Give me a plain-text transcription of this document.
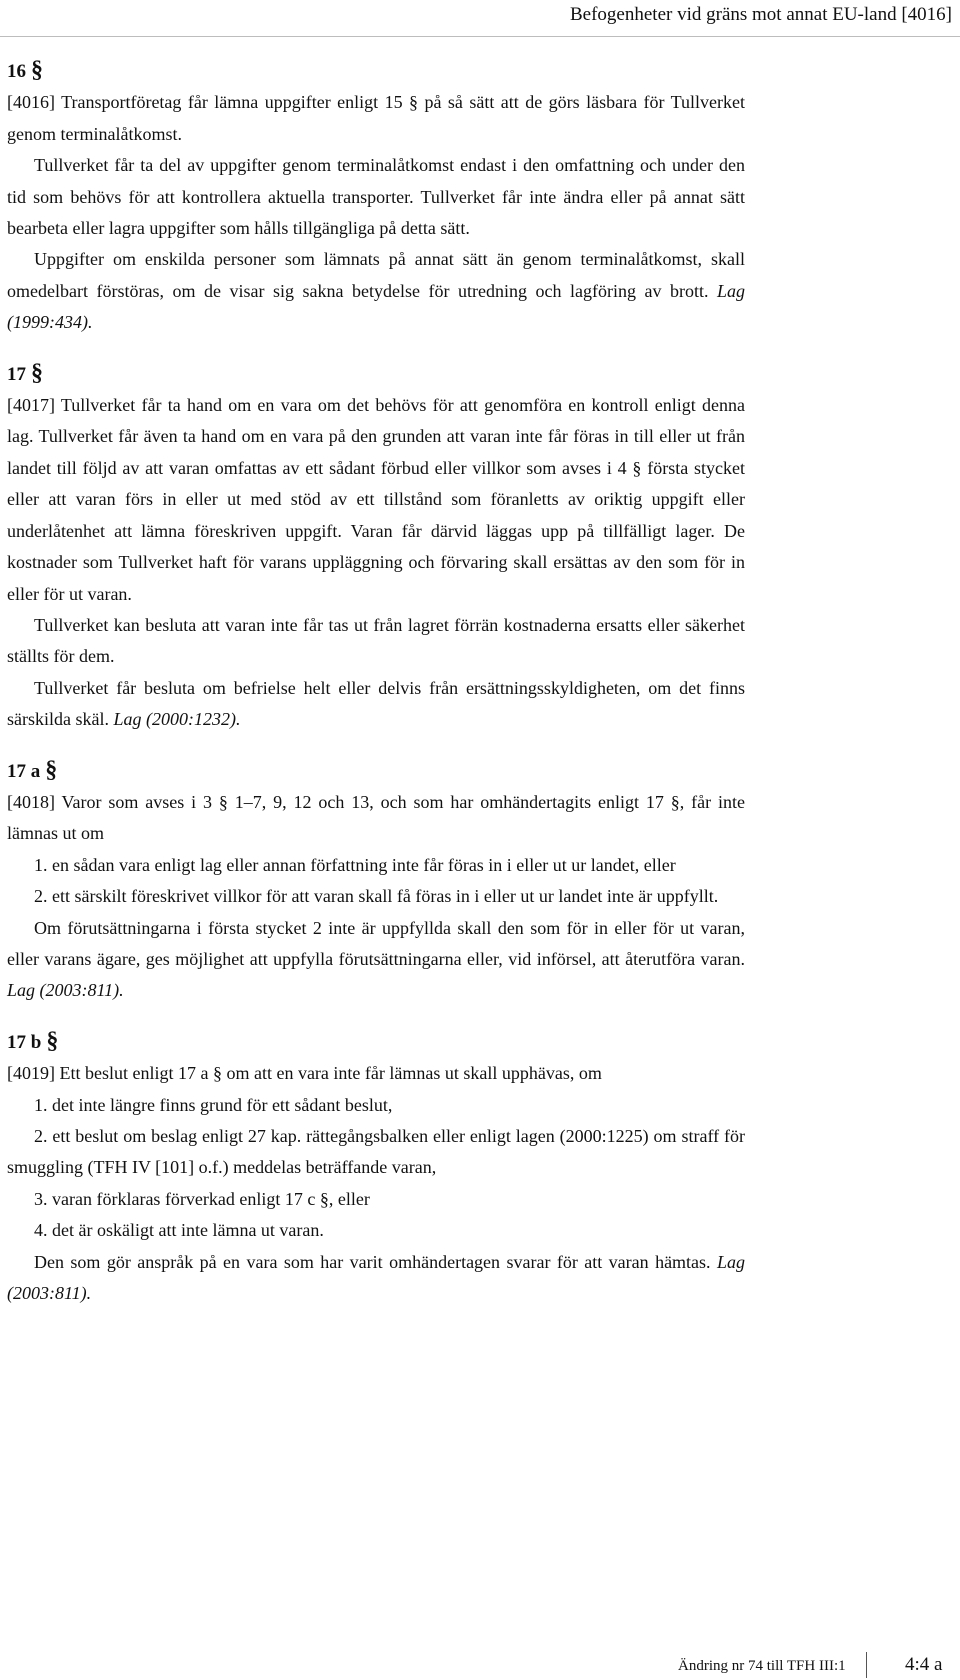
Befogenheter vid gräns mot annat EU-land [4016]
16 §

[4016] Transportföretag får lämna uppgifter enligt 15 § på så sätt att de görs läsbara för Tullverket genom terminalåtkomst.

Tullverket får ta del av uppgifter genom terminalåtkomst endast i den omfattning och under den tid som behövs för att kontrollera aktuella transporter. Tullverket får inte ändra eller på annat sätt bearbeta eller lagra uppgifter som hålls tillgängliga på detta sätt.

Uppgifter om enskilda personer som lämnats på annat sätt än genom terminalåtkomst, skall omedelbart förstöras, om de visar sig sakna betydelse för utredning och lagföring av brott. Lag (1999:434).

17 §

[4017] Tullverket får ta hand om en vara om det behövs för att genomföra en kontroll enligt denna lag. Tullverket får även ta hand om en vara på den grunden att varan inte får föras in till eller ut från landet till följd av att varan omfattas av ett sådant förbud eller villkor som avses i 4 § första stycket eller att varan förs in eller ut med stöd av ett tillstånd som föranletts av oriktig uppgift eller underlåtenhet att lämna föreskriven uppgift. Varan får därvid läggas upp på tillfälligt lager. De kostnader som Tullverket haft för varans uppläggning och förvaring skall ersättas av den som för in eller för ut varan.

Tullverket kan besluta att varan inte får tas ut från lagret förrän kostnaderna ersatts eller säkerhet ställts för dem.

Tullverket får besluta om befrielse helt eller delvis från ersättningsskyldigheten, om det finns särskilda skäl. Lag (2000:1232).

17 a §

[4018] Varor som avses i 3 § 1–7, 9, 12 och 13, och som har omhändertagits enligt 17 §, får inte lämnas ut om

1. en sådan vara enligt lag eller annan författning inte får föras in i eller ut ur landet, eller

2. ett särskilt föreskrivet villkor för att varan skall få föras in i eller ut ur landet inte är uppfyllt.

Om förutsättningarna i första stycket 2 inte är uppfyllda skall den som för in eller för ut varan, eller varans ägare, ges möjlighet att uppfylla förutsättningarna eller, vid införsel, att återutföra varan. Lag (2003:811).

17 b §

[4019] Ett beslut enligt 17 a § om att en vara inte får lämnas ut skall upphävas, om

1. det inte längre finns grund för ett sådant beslut,

2. ett beslut om beslag enligt 27 kap. rättegångsbalken eller enligt lagen (2000:1225) om straff för smuggling (TFH IV [101] o.f.) meddelas beträffande varan,

3. varan förklaras förverkad enligt 17 c §, eller

4. det är oskäligt att inte lämna ut varan.

Den som gör anspråk på en vara som har varit omhändertagen svarar för att varan hämtas. Lag (2003:811).

Ändring nr 74 till TFH III:1	4:4 a
